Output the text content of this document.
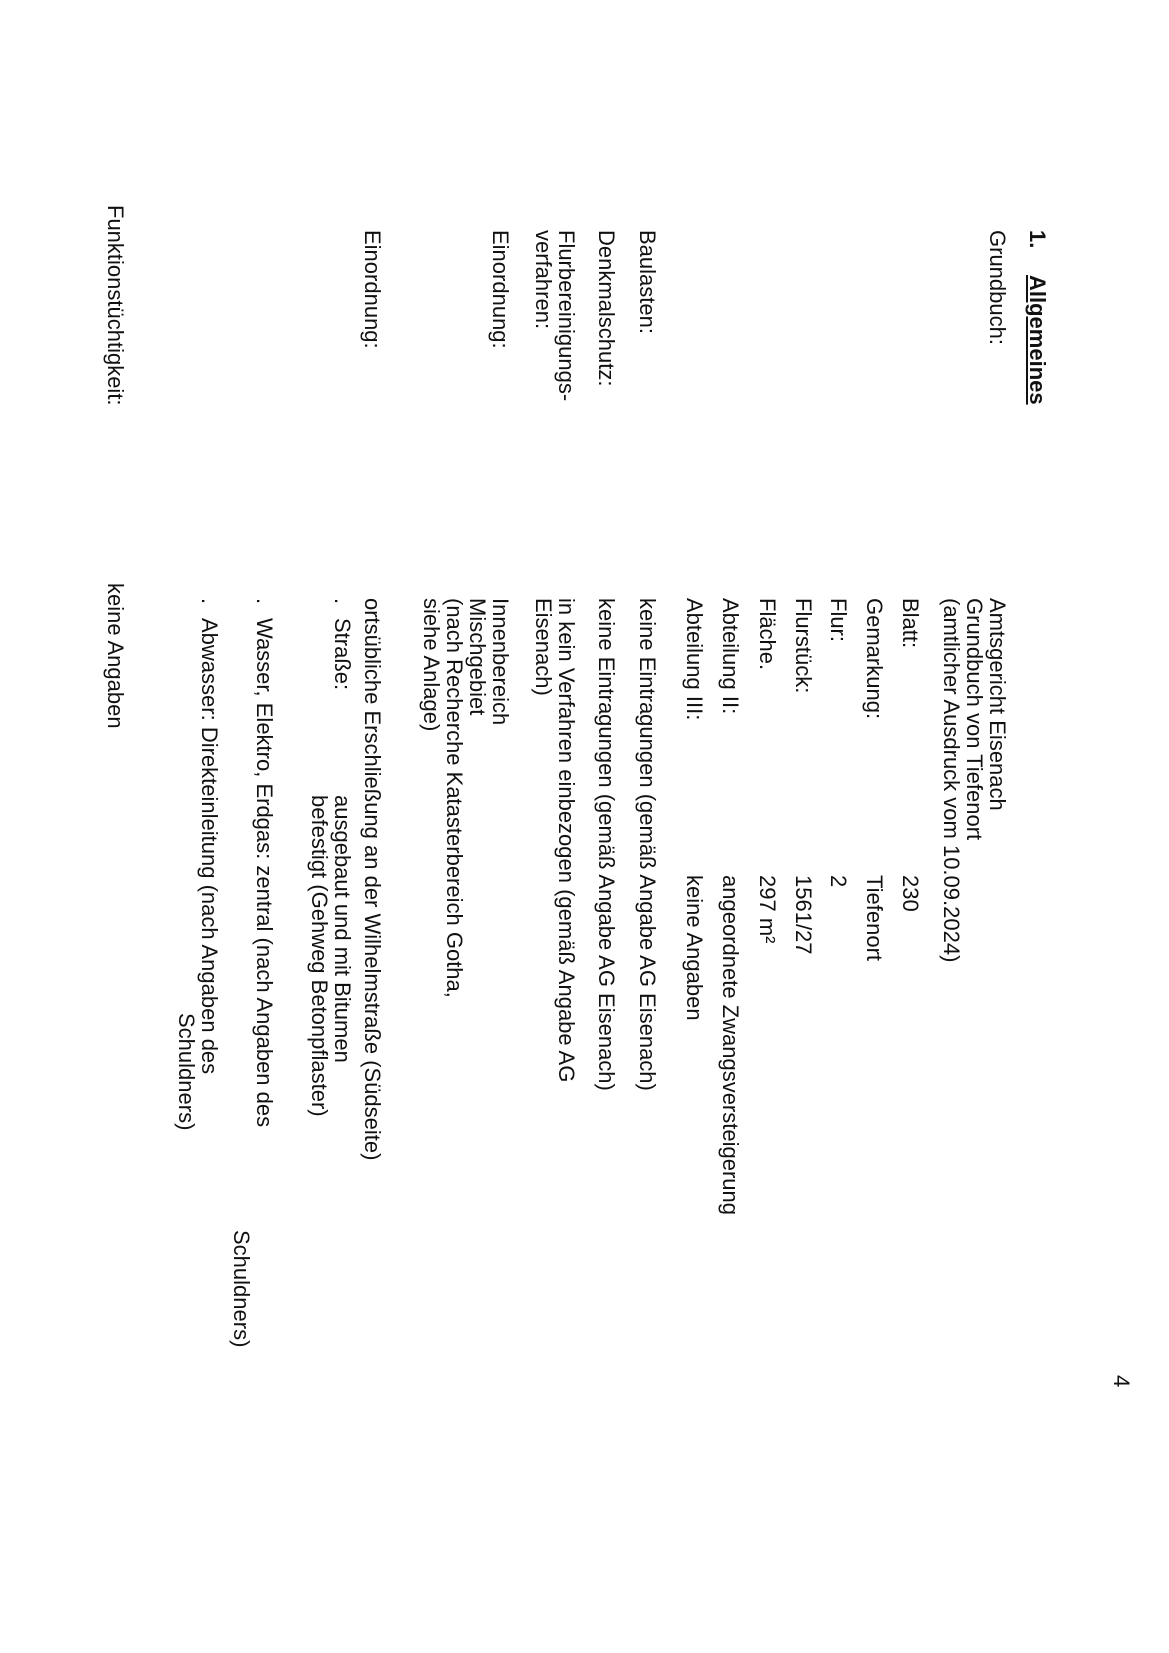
1.
Allgemeines
Grundbuch:
Amtsgericht Eisenach
Grundbuch von Tiefenort
(amtlicher Ausdruck vom 10.09.2024)
Blatt:
230
Gemarkung:
Tiefenort
Flur:
2
Flurstück:
1561/27
Fläche.
297 m²
Abteilung II:
angeordnete Zwangsversteigerung
Abteilung III:
keine Angaben
Baulasten:
keine Eintragungen (gemäß Angabe AG Eisenach)
Denkmalschutz:
keine Eintragungen (gemäß Angabe AG Eisenach)
Flurbereinigungs-
verfahren:
in kein Verfahren einbezogen (gemäß Angabe AG
Eisenach)
Einordnung:
Innenbereich
Mischgebiet
(nach Recherche Katasterbereich Gotha,
siehe Anlage)
Einordnung:
ortsübliche Erschließung an der Wilhelmstraße (Südseite)
.
Straße:
ausgebaut und mit Bitumen
befestigt (Gehweg Betonpflaster)
.
Wasser, Elektro, Erdgas: zentral (nach Angaben des
Schuldners)
.
Abwasser: Direkteinleitung (nach Angaben des
Schuldners)
Funktionstüchtigkeit:
keine Angaben
4
